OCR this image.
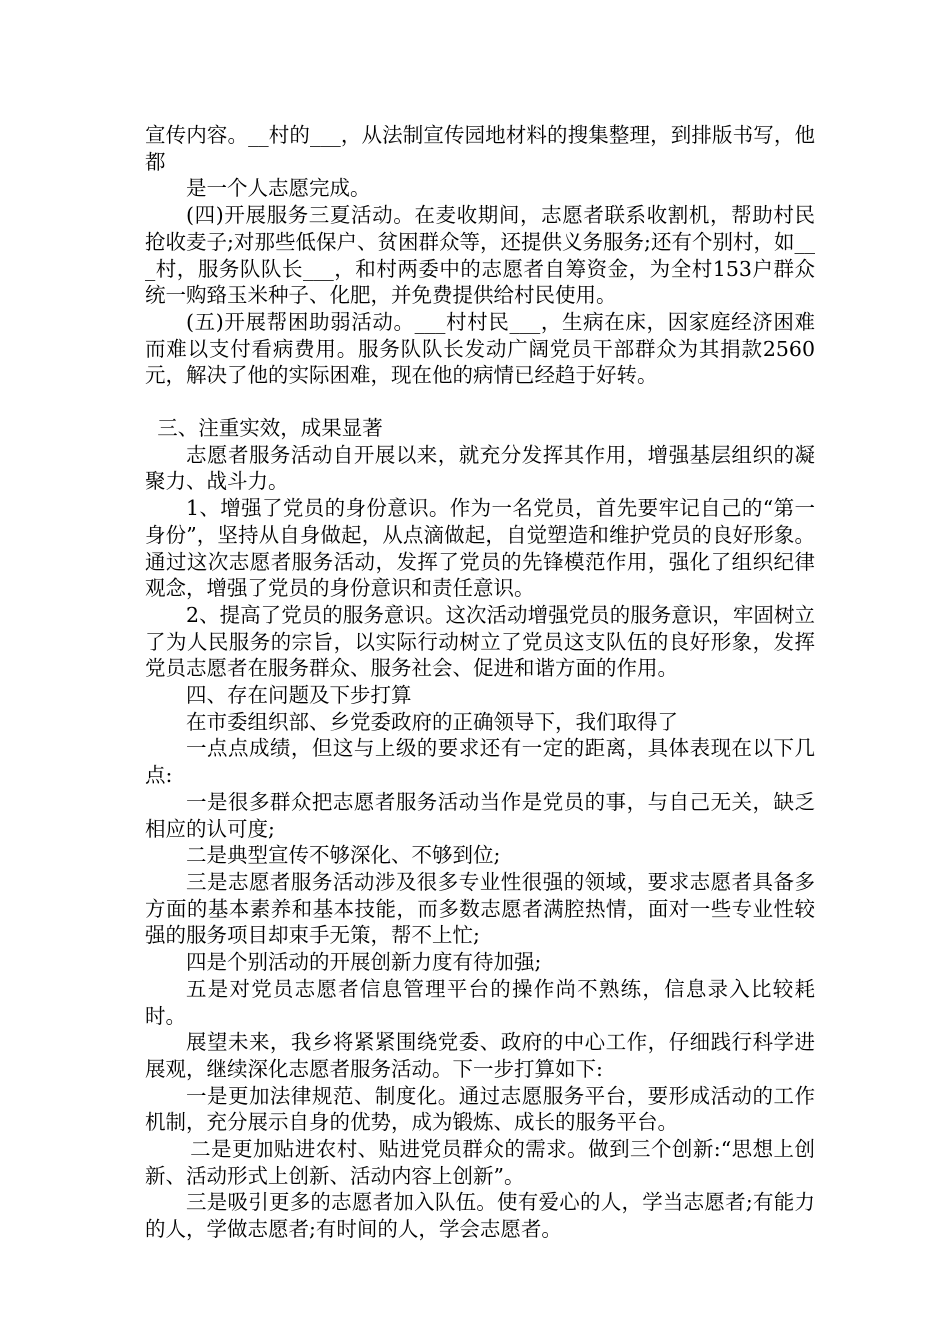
宣传内容。__村的___，从法制宣传园地材料的搜集整理，到排版书写，他都

是一个人志愿完成。

(四)开展服务三夏活动。在麦收期间，志愿者联系收割机，帮助村民抢收麦子;对那些低保户、贫困群众等，还提供义务服务;还有个别村，如___村，服务队队长___，和村两委中的志愿者自筹资金，为全村153户群众统一购臵玉米种子、化肥，并免费提供给村民使用。

(五)开展帮困助弱活动。___村村民___，生病在床，因家庭经济困难而难以支付看病费用。服务队队长发动广阔党员干部群众为其捐款2560元，解决了他的实际困难，现在他的病情已经趋于好转。

三、注重实效，成果显著

志愿者服务活动自开展以来，就充分发挥其作用，增强基层组织的凝聚力、战斗力。

1、增强了党员的身份意识。作为一名党员，首先要牢记自己的“第一身份”，坚持从自身做起，从点滴做起，自觉塑造和维护党员的良好形象。通过这次志愿者服务活动，发挥了党员的先锋模范作用，强化了组织纪律观念，增强了党员的身份意识和责任意识。

2、提高了党员的服务意识。这次活动增强党员的服务意识，牢固树立了为人民服务的宗旨，以实际行动树立了党员这支队伍的良好形象，发挥党员志愿者在服务群众、服务社会、促进和谐方面的作用。

四、存在问题及下步打算

在市委组织部、乡党委政府的正确领导下，我们取得了

一点点成绩，但这与上级的要求还有一定的距离，具体表现在以下几点:

一是很多群众把志愿者服务活动当作是党员的事，与自己无关，缺乏相应的认可度;

二是典型宣传不够深化、不够到位;

三是志愿者服务活动涉及很多专业性很强的领域，要求志愿者具备多方面的基本素养和基本技能，而多数志愿者满腔热情，面对一些专业性较强的服务项目却束手无策，帮不上忙;

四是个别活动的开展创新力度有待加强;

五是对党员志愿者信息管理平台的操作尚不熟练，信息录入比较耗时。

展望未来，我乡将紧紧围绕党委、政府的中心工作，仔细践行科学进展观，继续深化志愿者服务活动。下一步打算如下:

一是更加法律规范、制度化。通过志愿服务平台，要形成活动的工作机制，充分展示自身的优势，成为锻炼、成长的服务平台。

二是更加贴进农村、贴进党员群众的需求。做到三个创新:“思想上创新、活动形式上创新、活动内容上创新”。

三是吸引更多的志愿者加入队伍。使有爱心的人，学当志愿者;有能力的人，学做志愿者;有时间的人，学会志愿者。
